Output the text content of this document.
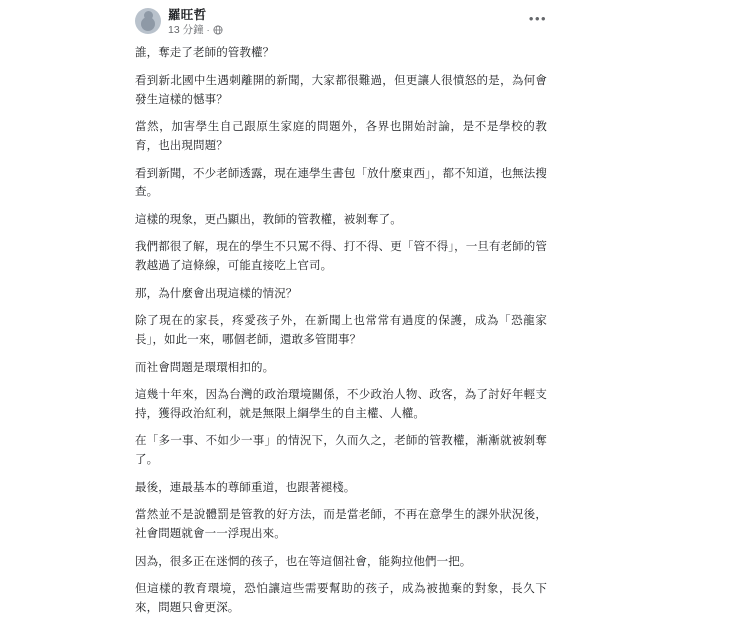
羅旺哲
13 分鐘 ·
•••

誰，奪走了老師的管教權？

看到新北國中生遇刺離開的新聞，大家都很難過，但更讓人很憤怒的是，為何會發生這樣的憾事？

當然，加害學生自己跟原生家庭的問題外，各界也開始討論，是不是學校的教育，也出現問題？

看到新聞，不少老師透露，現在連學生書包「放什麼東西」，都不知道，也無法搜查。

這樣的現象，更凸顯出，教師的管教權，被剝奪了。

我們都很了解，現在的學生不只罵不得、打不得、更「管不得」，一旦有老師的管教越過了這條線，可能直接吃上官司。

那，為什麼會出現這樣的情況？

除了現在的家長，疼愛孩子外，在新聞上也常常有過度的保護，成為「恐龍家長」，如此一來，哪個老師，還敢多管閒事？

而社會問題是環環相扣的。

這幾十年來，因為台灣的政治環境關係，不少政治人物、政客，為了討好年輕支持，獲得政治紅利，就是無限上綱學生的自主權、人權。

在「多一事、不如少一事」的情況下，久而久之，老師的管教權，漸漸就被剝奪了。

最後，連最基本的尊師重道，也跟著褪棧。

當然並不是說體罰是管教的好方法，而是當老師，不再在意學生的課外狀況後，社會問題就會一一浮現出來。

因為，很多正在迷惘的孩子，也在等這個社會，能夠拉他們一把。

但這樣的教育環境，恐怕讓這些需要幫助的孩子，成為被拋棄的對象，長久下來，問題只會更深。
